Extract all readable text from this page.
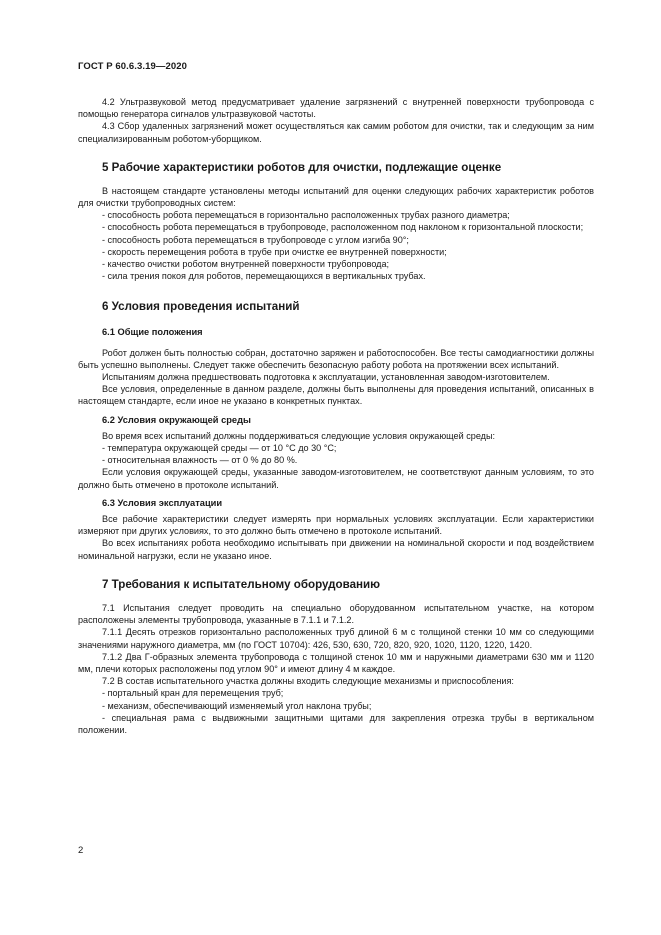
ГОСТ Р 60.6.3.19—2020

4.2 Ультразвуковой метод предусматривает удаление загрязнений с внутренней поверхности трубопровода с помощью генератора сигналов ультразвуковой частоты.

4.3 Сбор удаленных загрязнений может осуществляться как самим роботом для очистки, так и следующим за ним специализированным роботом-уборщиком.

5 Рабочие характеристики роботов для очистки, подлежащие оценке

В настоящем стандарте установлены методы испытаний для оценки следующих рабочих характеристик роботов для очистки трубопроводных систем:

- способность робота перемещаться в горизонтально расположенных трубах разного диаметра;

- способность робота перемещаться в трубопроводе, расположенном под наклоном к горизонтальной плоскости;

- способность робота перемещаться в трубопроводе с углом изгиба 90°;

- скорость перемещения робота в трубе при очистке ее внутренней поверхности;

- качество очистки роботом внутренней поверхности трубопровода;

- сила трения покоя для роботов, перемещающихся в вертикальных трубах.

6 Условия проведения испытаний
6.1 Общие положения

Робот должен быть полностью собран, достаточно заряжен и работоспособен. Все тесты самодиагностики должны быть успешно выполнены. Следует также обеспечить безопасную работу робота на протяжении всех испытаний.

Испытаниям должна предшествовать подготовка к эксплуатации, установленная заводом-изготовителем.

Все условия, определенные в данном разделе, должны быть выполнены для проведения испытаний, описанных в настоящем стандарте, если иное не указано в конкретных пунктах.

6.2 Условия окружающей среды

Во время всех испытаний должны поддерживаться следующие условия окружающей среды:

- температура окружающей среды — от 10 °С до 30 °С;

- относительная влажность — от 0 % до 80 %.

Если условия окружающей среды, указанные заводом-изготовителем, не соответствуют данным условиям, то это должно быть отмечено в протоколе испытаний.

6.3 Условия эксплуатации

Все рабочие характеристики следует измерять при нормальных условиях эксплуатации. Если характеристики измеряют при других условиях, то это должно быть отмечено в протоколе испытаний.

Во всех испытаниях робота необходимо испытывать при движении на номинальной скорости и под воздействием номинальной нагрузки, если не указано иное.

7 Требования к испытательному оборудованию

7.1 Испытания следует проводить на специально оборудованном испытательном участке, на котором расположены элементы трубопровода, указанные в 7.1.1 и 7.1.2.

7.1.1 Десять отрезков горизонтально расположенных труб длиной 6 м с толщиной стенки 10 мм со следующими значениями наружного диаметра, мм (по ГОСТ 10704): 426, 530, 630, 720, 820, 920, 1020, 1120, 1220, 1420.

7.1.2 Два Г-образных элемента трубопровода с толщиной стенок 10 мм и наружными диаметрами 630 мм и 1120 мм, плечи которых расположены под углом 90° и имеют длину 4 м каждое.

7.2 В состав испытательного участка должны входить следующие механизмы и приспособления:

- портальный кран для перемещения труб;

- механизм, обеспечивающий изменяемый угол наклона трубы;

- специальная рама с выдвижными защитными щитами для закрепления отрезка трубы в вертикальном положении.

2
